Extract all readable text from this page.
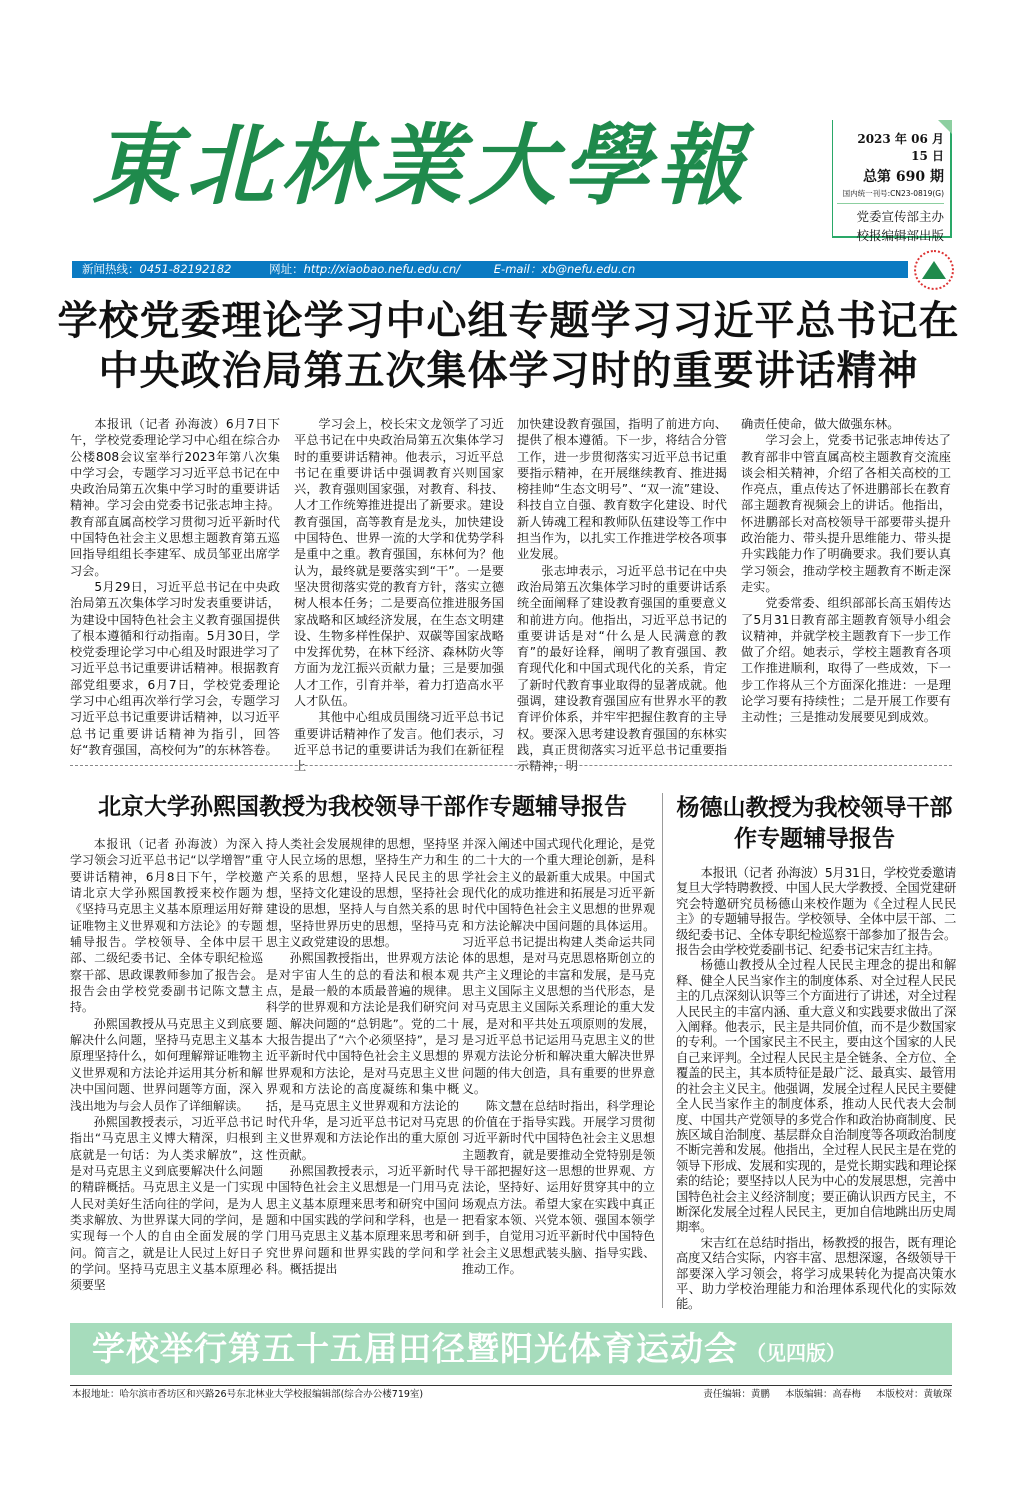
東北林業大學報	2023 年 06 月 15 日
总第 690 期
国内统一刊号:CN23-0819(G)
党委宣传部主办
校报编辑部出版
新闻热线：0451-82192182	网址：http://xiaobao.nefu.edu.cn/	E-mail：xb@nefu.edu.cn
学校党委理论学习中心组专题学习习近平总书记在
中央政治局第五次集体学习时的重要讲话精神

本报讯（记者 孙海波）6月7日下午，学校党委理论学习中心组在综合办公楼808会议室举行2023年第八次集中学习会，专题学习习近平总书记在中央政治局第五次集中学习时的重要讲话精神。学习会由党委书记张志坤主持。教育部直属高校学习贯彻习近平新时代中国特色社会主义思想主题教育第五巡回指导组组长李建军、成员邹亚出席学习会。

5月29日，习近平总书记在中央政治局第五次集体学习时发表重要讲话，为建设中国特色社会主义教育强国提供了根本遵循和行动指南。5月30日，学校党委理论学习中心组及时跟进学习了习近平总书记重要讲话精神。根据教育部党组要求，6月7日，学校党委理论学习中心组再次举行学习会，专题学习习近平总书记重要讲话精神，以习近平总书记重要讲话精神为指引，回答好“教育强国，高校何为”的东林答卷。

学习会上，校长宋文龙领学了习近平总书记在中央政治局第五次集体学习时的重要讲话精神。他表示，习近平总书记在重要讲话中强调教育兴则国家兴，教育强则国家强，对教育、科技、人才工作统筹推进提出了新要求。建设教育强国，高等教育是龙头，加快建设中国特色、世界一流的大学和优势学科是重中之重。教育强国，东林何为？他认为，最终就是要落实到“干”。一是要坚决贯彻落实党的教育方针，落实立德树人根本任务；二是要高位推进服务国家战略和区域经济发展，在生态文明建设、生物多样性保护、双碳等国家战略中发挥优势，在林下经济、森林防火等方面为龙江振兴贡献力量；三是要加强人才工作，引育并举，着力打造高水平人才队伍。

其他中心组成员围绕习近平总书记重要讲话精神作了发言。他们表示，习近平总书记的重要讲话为我们在新征程上

加快建设教育强国，指明了前进方向、提供了根本遵循。下一步，将结合分管工作，进一步贯彻落实习近平总书记重要指示精神，在开展继续教育、推进揭榜挂帅“生态文明号”、“双一流”建设、科技自立自强、教育数字化建设、时代新人铸魂工程和教师队伍建设等工作中担当作为，以扎实工作推进学校各项事业发展。

张志坤表示，习近平总书记在中央政治局第五次集体学习时的重要讲话系统全面阐释了建设教育强国的重要意义和前进方向。他指出，习近平总书记的重要讲话是对“什么是人民满意的教育”的最好诠释，阐明了教育强国、教育现代化和中国式现代化的关系，肯定了新时代教育事业取得的显著成就。他强调，建设教育强国应有世界水平的教育评价体系，并牢牢把握住教育的主导权。要深入思考建设教育强国的东林实践，真正贯彻落实习近平总书记重要指示精神，明

确责任使命，做大做强东林。

学习会上，党委书记张志坤传达了教育部非中管直属高校主题教育交流座谈会相关精神，介绍了各相关高校的工作亮点，重点传达了怀进鹏部长在教育部主题教育视频会上的讲话。他指出，怀进鹏部长对高校领导干部要带头提升政治能力、带头提升思维能力、带头提升实践能力作了明确要求。我们要认真学习领会，推动学校主题教育不断走深走实。

党委常委、组织部部长高玉娟传达了5月31日教育部主题教育领导小组会议精神，并就学校主题教育下一步工作做了介绍。她表示，学校主题教育各项工作推进顺利，取得了一些成效，下一步工作将从三个方面深化推进：一是理论学习要有持续性；二是开展工作要有主动性；三是推动发展要见到成效。

北京大学孙熙国教授为我校领导干部作专题辅导报告

本报讯（记者 孙海波）为深入学习领会习近平总书记“以学增智”重要讲话精神，6月8日下午，学校邀请北京大学孙熙国教授来校作题为《坚持马克思主义基本原理运用好辩证唯物主义世界观和方法论》的专题辅导报告。学校领导、全体中层干部、二级纪委书记、全体专职纪检巡察干部、思政课教师参加了报告会。报告会由学校党委副书记陈文慧主持。

孙熙国教授从马克思主义到底要解决什么问题，坚持马克思主义基本原理坚持什么，如何理解辩证唯物主义世界观和方法论并运用其分析和解决中国问题、世界问题等方面，深入浅出地为与会人员作了详细解读。

孙熙国教授表示，习近平总书记指出“马克思主义博大精深，归根到底就是一句话：为人类求解放”，这是对马克思主义到底要解决什么问题的精辟概括。马克思主义是一门实现人民对美好生活向往的学问，是为人类求解放、为世界谋大同的学问，是实现每一个人的自由全面发展的学问。简言之，就是让人民过上好日子的学问。坚持马克思主义基本原理必须要坚

持人类社会发展规律的思想，坚持坚守人民立场的思想，坚持生产力和生产关系的思想，坚持人民民主的思想，坚持文化建设的思想，坚持社会建设的思想，坚持人与自然关系的思想，坚持世界历史的思想，坚持马克思主义政党建设的思想。

孙熙国教授指出，世界观方法论是对宇宙人生的总的看法和根本观点，是最一般的本质最普遍的规律。科学的世界观和方法论是我们研究问题、解决问题的“总钥匙”。党的二十大报告提出了“六个必须坚持”，是习近平新时代中国特色社会主义思想的世界观和方法论，是对马克思主义世界观和方法论的高度凝练和集中概括，是马克思主义世界观和方法论的时代升华，是习近平总书记对马克思主义世界观和方法论作出的重大原创性贡献。

孙熙国教授表示，习近平新时代中国特色社会主义思想是一门用马克思主义基本原理来思考和研究中国问题和中国实践的学问和学科，也是一门用马克思主义基本原理来思考和研究世界问题和世界实践的学问和学科。概括提出

并深入阐述中国式现代化理论，是党的二十大的一个重大理论创新，是科学社会主义的最新重大成果。中国式现代化的成功推进和拓展是习近平新时代中国特色社会主义思想的世界观和方法论解决中国问题的具体运用。习近平总书记提出构建人类命运共同体的思想，是对马克思恩格斯创立的共产主义理论的丰富和发展，是马克思主义国际主义思想的当代形态，是对马克思主义国际关系理论的重大发展，是对和平共处五项原则的发展，是习近平总书记运用马克思主义的世界观方法论分析和解决重大解决世界问题的伟大创造，具有重要的世界意义。

陈文慧在总结时指出，科学理论的价值在于指导实践。开展学习贯彻习近平新时代中国特色社会主义思想主题教育，就是要推动全党特别是领导干部把握好这一思想的世界观、方法论，坚持好、运用好贯穿其中的立场观点方法。希望大家在实践中真正把看家本领、兴党本领、强国本领学到手，自觉用习近平新时代中国特色社会主义思想武装头脑、指导实践、推动工作。

杨德山教授为我校领导干部
作专题辅导报告

本报讯（记者 孙海波）5月31日，学校党委邀请复旦大学特聘教授、中国人民大学教授、全国党建研究会特邀研究员杨德山来校作题为《全过程人民民主》的专题辅导报告。学校领导、全体中层干部、二级纪委书记、全体专职纪检巡察干部参加了报告会。报告会由学校党委副书记、纪委书记宋吉红主持。

杨德山教授从全过程人民民主理念的提出和解释、健全人民当家作主的制度体系、对全过程人民民主的几点深刻认识等三个方面进行了讲述，对全过程人民民主的丰富内涵、重大意义和实践要求做出了深入阐释。他表示，民主是共同价值，而不是少数国家的专利。一个国家民主不民主，要由这个国家的人民自己来评判。全过程人民民主是全链条、全方位、全覆盖的民主，其本质特征是最广泛、最真实、最管用的社会主义民主。他强调，发展全过程人民民主要健全人民当家作主的制度体系，推动人民代表大会制度、中国共产党领导的多党合作和政治协商制度、民族区域自治制度、基层群众自治制度等各项政治制度不断完善和发展。他指出，全过程人民民主是在党的领导下形成、发展和实现的，是党长期实践和理论探索的结论；要坚持以人民为中心的发展思想，完善中国特色社会主义经济制度；要正确认识西方民主，不断深化发展全过程人民民主，更加自信地跳出历史周期率。

宋吉红在总结时指出，杨教授的报告，既有理论高度又结合实际，内容丰富、思想深邃，各级领导干部要深入学习领会，将学习成果转化为提高决策水平、助力学校治理能力和治理体系现代化的实际效能。

学校举行第五十五届田径暨阳光体育运动会 （见四版）
本报地址：哈尔滨市香坊区和兴路26号东北林业大学校报编辑部(综合办公楼719室)	责任编辑：黄鹏 本版编辑：高春梅 本版校对：黄敏琛
